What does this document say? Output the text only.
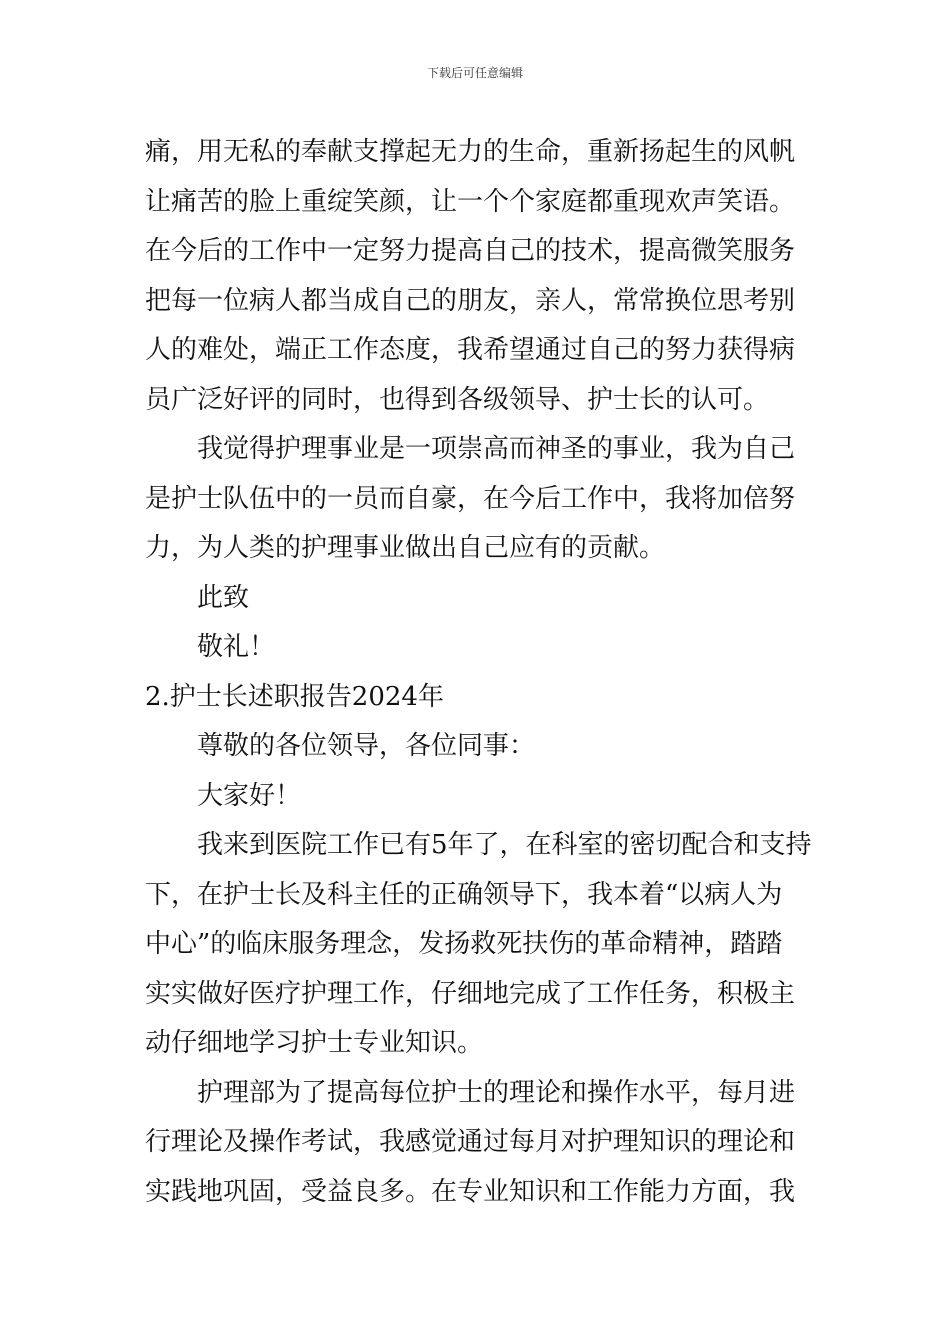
下载后可任意编辑
痛，用无私的奉献支撑起无力的生命，重新扬起生的风帆
让痛苦的脸上重绽笑颜，让一个个家庭都重现欢声笑语。
在今后的工作中一定努力提高自己的技术，提高微笑服务
把每一位病人都当成自己的朋友，亲人，常常换位思考别
人的难处，端正工作态度，我希望通过自己的努力获得病
员广泛好评的同时，也得到各级领导、护士长的认可。
我觉得护理事业是一项崇高而神圣的事业，我为自己
是护士队伍中的一员而自豪，在今后工作中，我将加倍努
力，为人类的护理事业做出自己应有的贡献。
此致
敬礼！
2.护士长述职报告2024年
尊敬的各位领导，各位同事：
大家好！
我来到医院工作已有5年了，在科室的密切配合和支持
下，在护士长及科主任的正确领导下，我本着“以病人为
中心”的临床服务理念，发扬救死扶伤的革命精神，踏踏
实实做好医疗护理工作，仔细地完成了工作任务，积极主
动仔细地学习护士专业知识。
护理部为了提高每位护士的理论和操作水平，每月进
行理论及操作考试，我感觉通过每月对护理知识的理论和
实践地巩固，受益良多。在专业知识和工作能力方面，我
